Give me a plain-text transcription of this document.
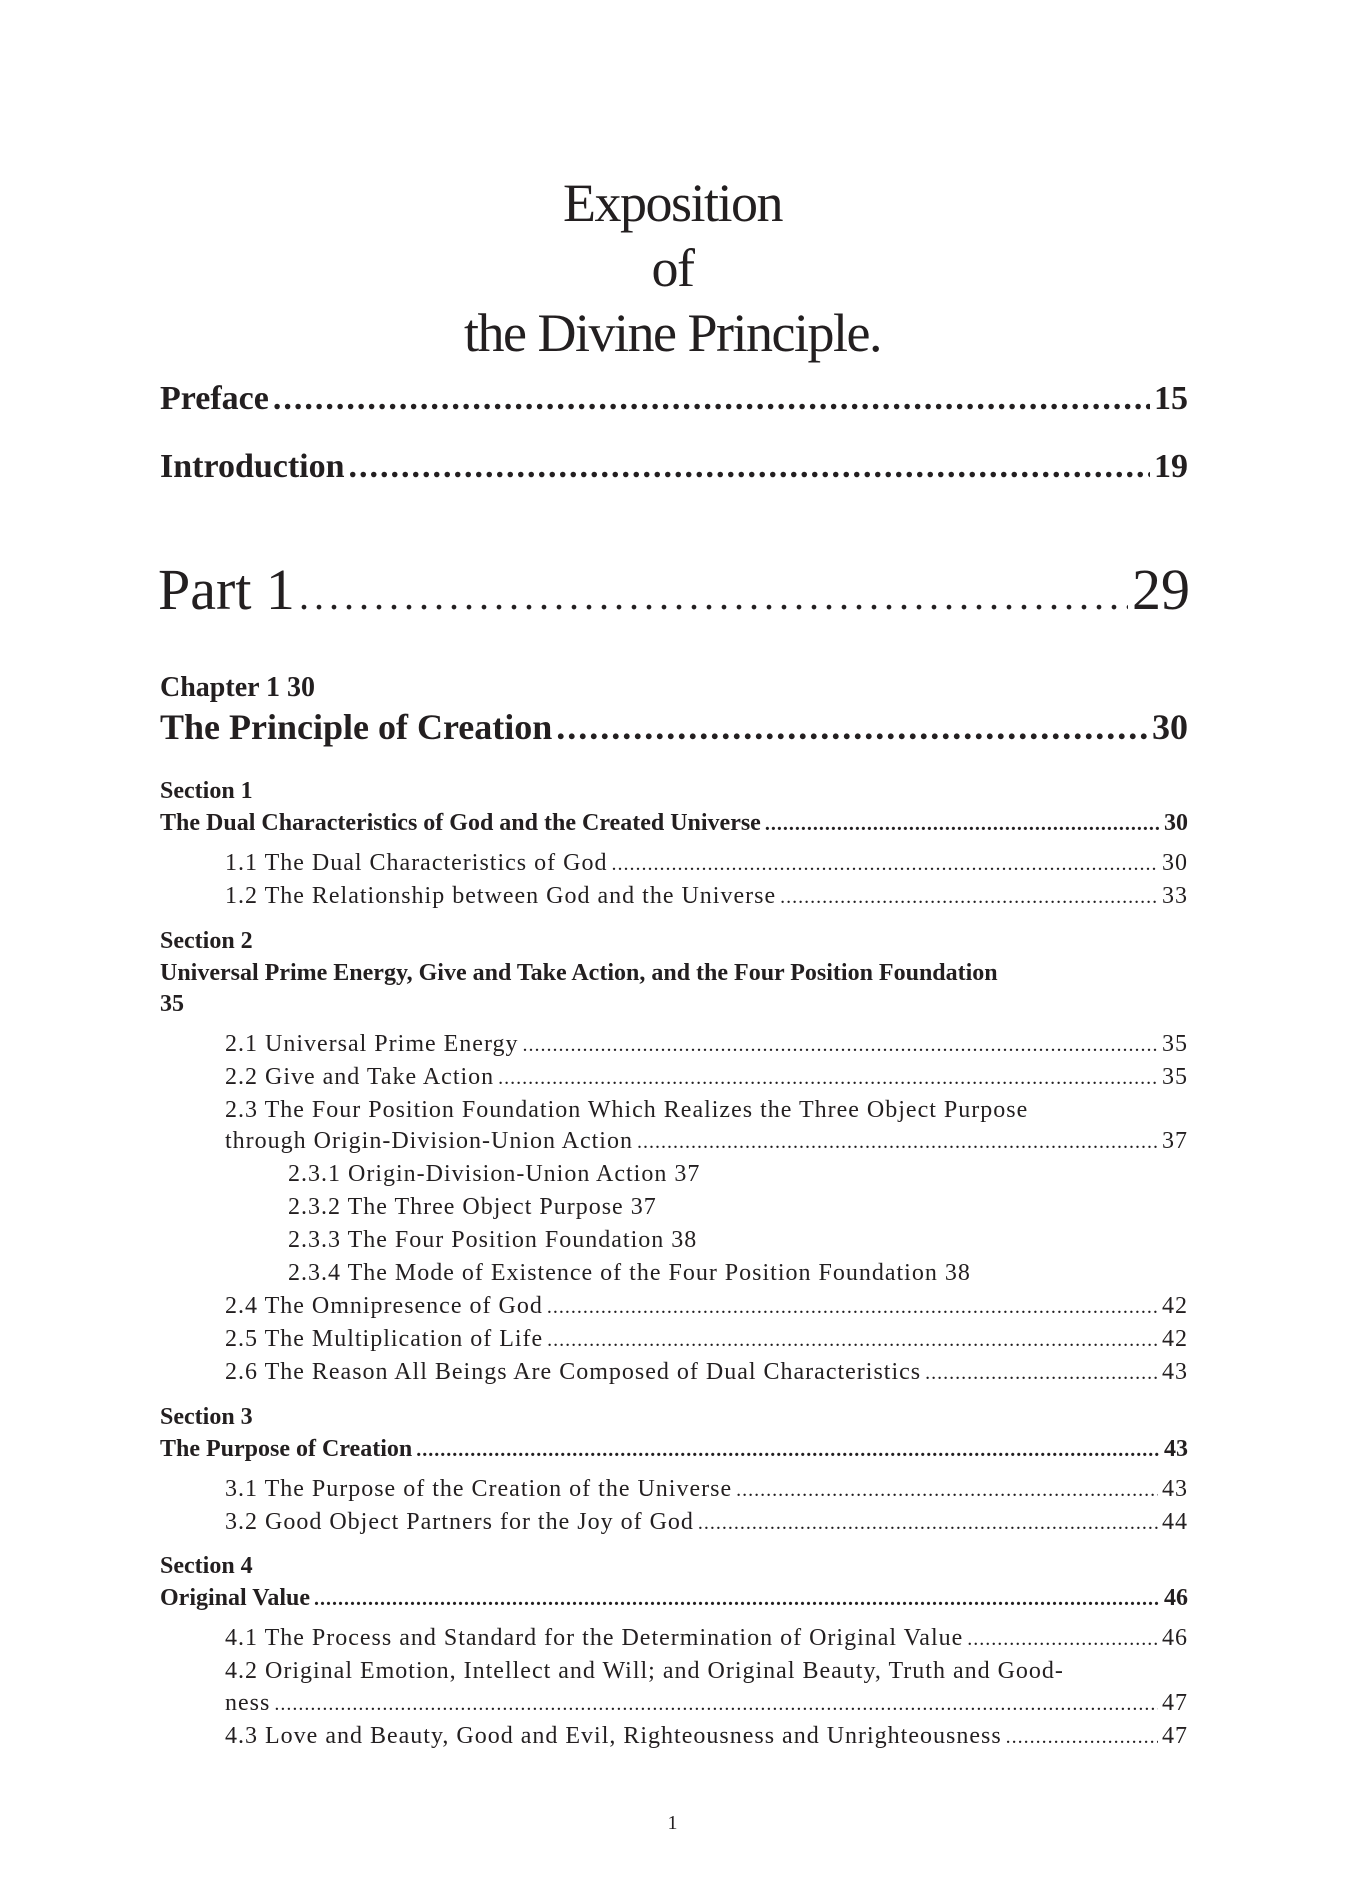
Exposition
of
the Divine Principle.
Preface .....	15
Introduction .....	19
Part 1 .....	29
Chapter 1 30
The Principle of Creation .....	30
Section 1
The Dual Characteristics of God and the Created Universe .....	30
1.1 The Dual Characteristics of God .....	30
1.2 The Relationship between God and the Universe .....	33
Section 2
Universal Prime Energy, Give and Take Action, and the Four Position Foundation
35
2.1 Universal Prime Energy .....	35
2.2 Give and Take Action .....	35
2.3 The Four Position Foundation Which Realizes the Three Object Purpose
through Origin-Division-Union Action .....	37
2.3.1 Origin-Division-Union Action 37
2.3.2 The Three Object Purpose 37
2.3.3 The Four Position Foundation 38
2.3.4 The Mode of Existence of the Four Position Foundation 38
2.4 The Omnipresence of God .....	42
2.5 The Multiplication of Life .....	42
2.6 The Reason All Beings Are Composed of Dual Characteristics .....	43
Section 3
The Purpose of Creation .....	43
3.1 The Purpose of the Creation of the Universe .....	43
3.2 Good Object Partners for the Joy of God .....	44
Section 4
Original Value .....	46
4.1 The Process and Standard for the Determination of Original Value .....	46
4.2 Original Emotion, Intellect and Will; and Original Beauty, Truth and Good-
ness .....	47
4.3 Love and Beauty, Good and Evil, Righteousness and Unrighteousness .....	47
1
